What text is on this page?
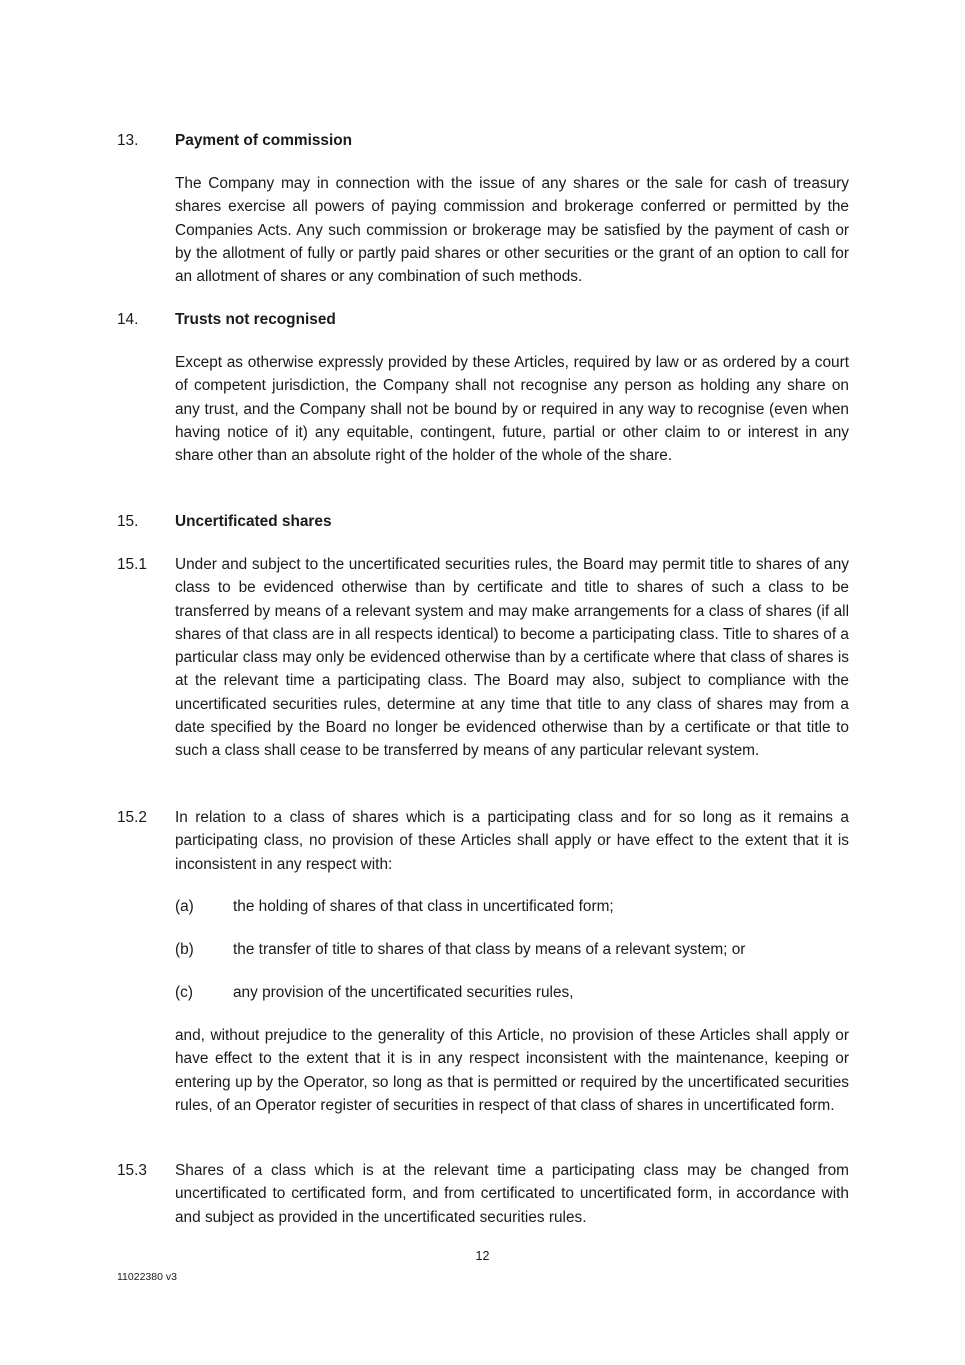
13.	Payment of commission
The Company may in connection with the issue of any shares or the sale for cash of treasury shares exercise all powers of paying commission and brokerage conferred or permitted by the Companies Acts. Any such commission or brokerage may be satisfied by the payment of cash or by the allotment of fully or partly paid shares or other securities or the grant of an option to call for an allotment of shares or any combination of such methods.
14.	Trusts not recognised
Except as otherwise expressly provided by these Articles, required by law or as ordered by a court of competent jurisdiction, the Company shall not recognise any person as holding any share on any trust, and the Company shall not be bound by or required in any way to recognise (even when having notice of it) any equitable, contingent, future, partial or other claim to or interest in any share other than an absolute right of the holder of the whole of the share.
15.	Uncertificated shares
15.1	Under and subject to the uncertificated securities rules, the Board may permit title to shares of any class to be evidenced otherwise than by certificate and title to shares of such a class to be transferred by means of a relevant system and may make arrangements for a class of shares (if all shares of that class are in all respects identical) to become a participating class. Title to shares of a particular class may only be evidenced otherwise than by a certificate where that class of shares is at the relevant time a participating class. The Board may also, subject to compliance with the uncertificated securities rules, determine at any time that title to any class of shares may from a date specified by the Board no longer be evidenced otherwise than by a certificate or that title to such a class shall cease to be transferred by means of any particular relevant system.
15.2	In relation to a class of shares which is a participating class and for so long as it remains a participating class, no provision of these Articles shall apply or have effect to the extent that it is inconsistent in any respect with:
(a)	the holding of shares of that class in uncertificated form;
(b)	the transfer of title to shares of that class by means of a relevant system; or
(c)	any provision of the uncertificated securities rules,
and, without prejudice to the generality of this Article, no provision of these Articles shall apply or have effect to the extent that it is in any respect inconsistent with the maintenance, keeping or entering up by the Operator, so long as that is permitted or required by the uncertificated securities rules, of an Operator register of securities in respect of that class of shares in uncertificated form.
15.3	Shares of a class which is at the relevant time a participating class may be changed from uncertificated to certificated form, and from certificated to uncertificated form, in accordance with and subject as provided in the uncertificated securities rules.
12
11022380 v3
